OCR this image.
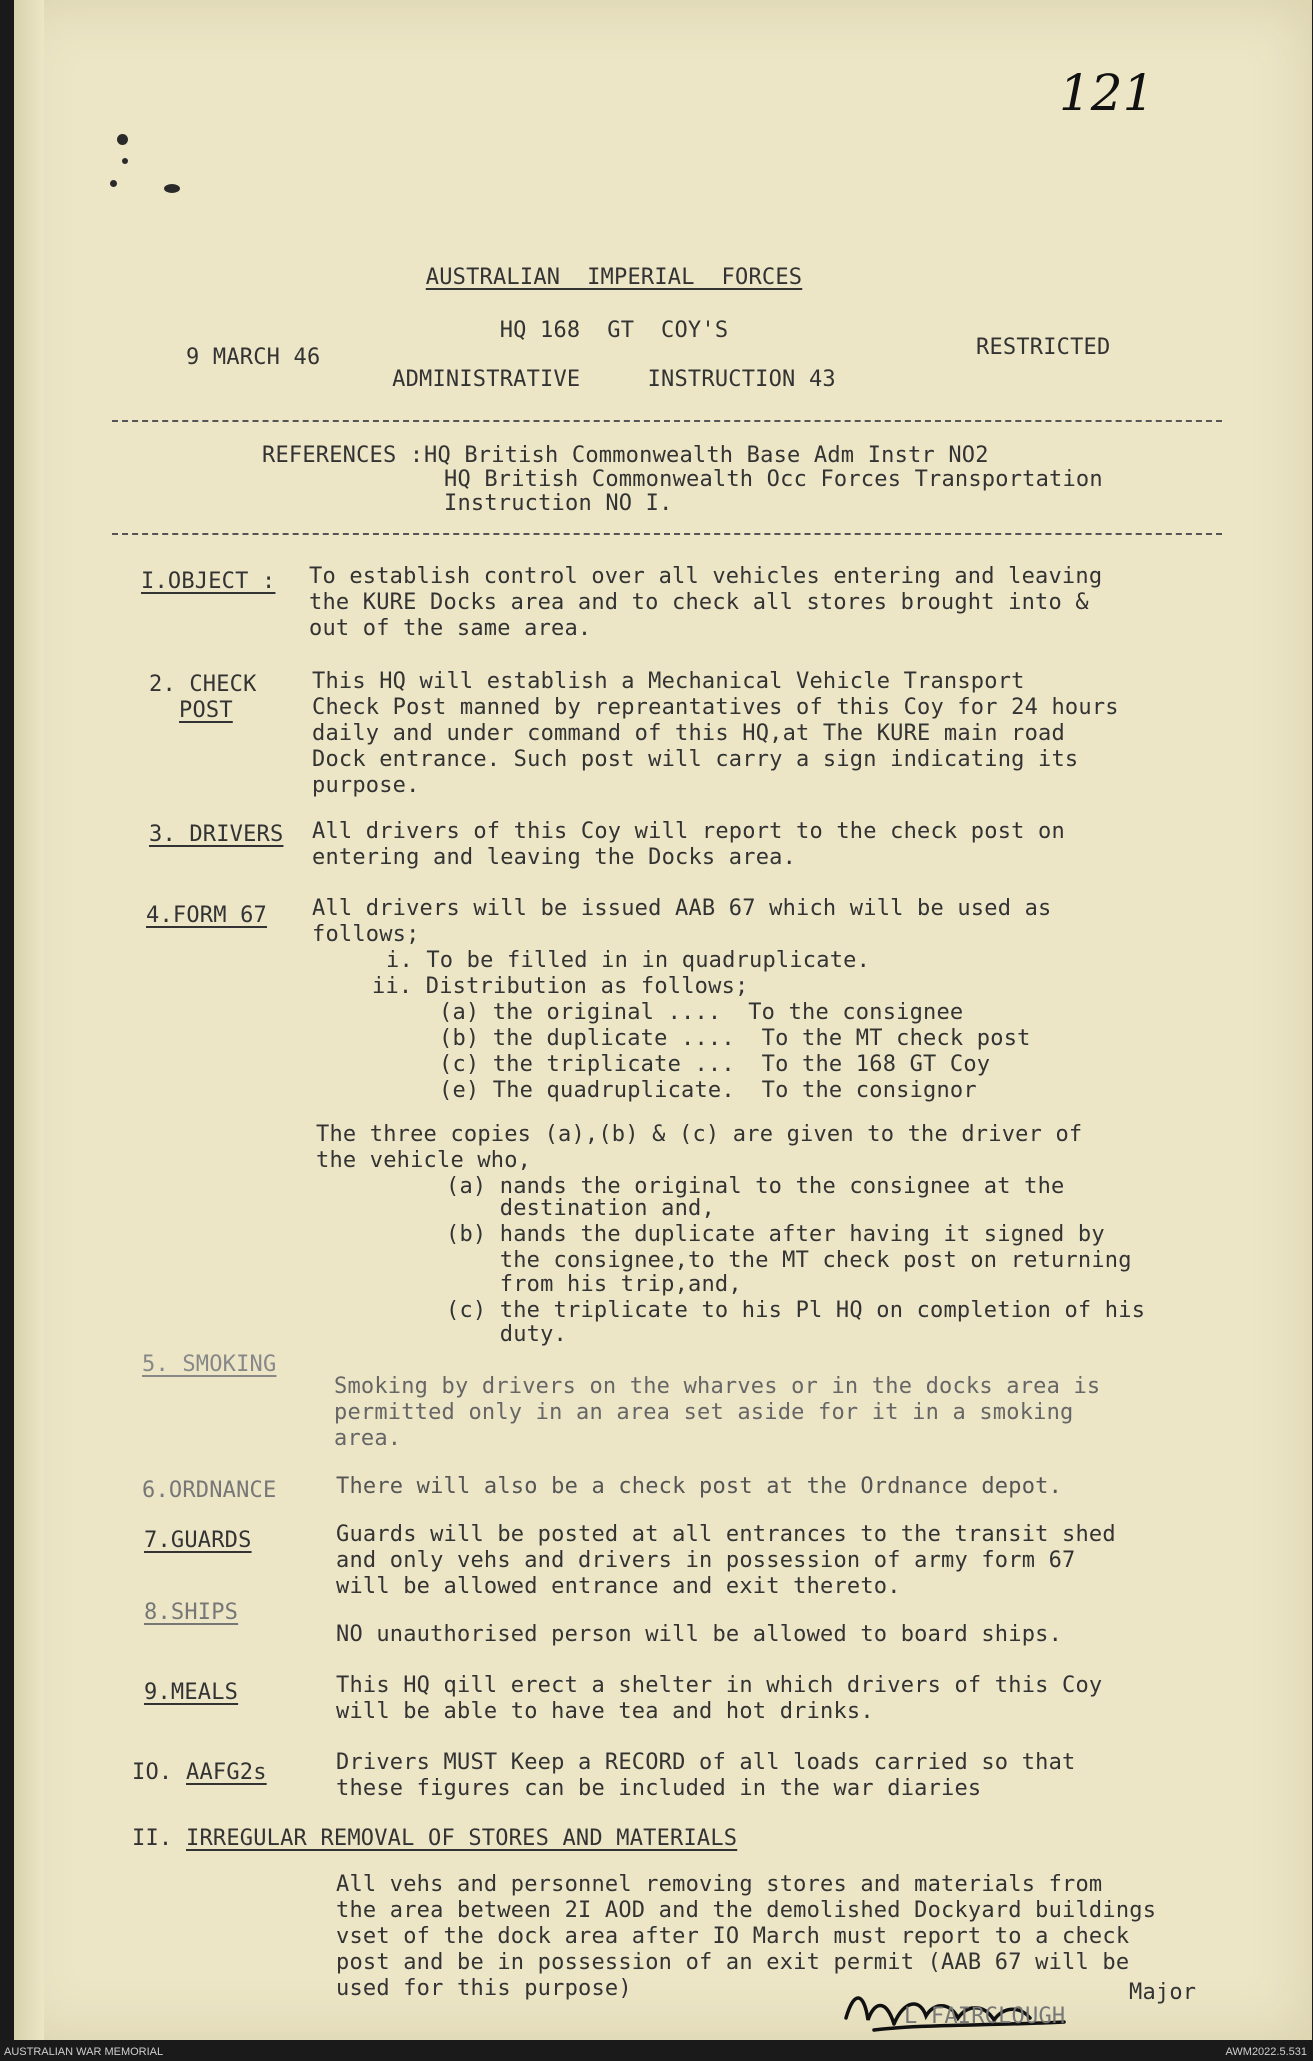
121
AUSTRALIAN  IMPERIAL  FORCES
HQ 168  GT  COY'S
9 MARCH 46	RESTRICTED
ADMINISTRATIVE     INSTRUCTION 43
REFERENCES : HQ British Commonwealth Base Adm Instr NO2
HQ British Commonwealth Occ Forces Transportation
Instruction NO I.
I.OBJECT : To establish control over all vehicles entering and leaving
the KURE Docks area and to check all stores brought into &
out of the same area.
2. CHECK
POST
This HQ will establish a Mechanical Vehicle Transport
Check Post manned by repreantatives of this Coy for 24 hours
daily and under command of this HQ,at The KURE main road
Dock entrance. Such post will carry a sign indicating its
purpose.
3. DRIVERS All drivers of this Coy will report to the check post on
entering and leaving the Docks area.
4.FORM 67 All drivers will be issued AAB 67 which will be used as
follows;
i. To be filled in in quadruplicate.
ii. Distribution as follows;
(a) the original ....  To the consignee
(b) the duplicate ....  To the MT check post
(c) the triplicate ...  To the 168 GT Coy
(e) The quadruplicate.  To the consignor
The three copies (a),(b) & (c) are given to the driver of
the vehicle who,
(a) nands the original to the consignee at the
destination and,
(b) hands the duplicate after having it signed by
the consignee,to the MT check post on returning
from his trip,and,
(c) the triplicate to his Pl HQ on completion of his
duty.
5. SMOKING
Smoking by drivers on the wharves or in the docks area is
permitted only in an area set aside for it in a smoking
area.
6.ORDNANCE	There will also be a check post at the Ordnance depot.
7.GUARDS	Guards will be posted at all entrances to the transit shed
and only vehs and drivers in possession of army form 67
will be allowed entrance and exit thereto.
8.SHIPS
NO unauthorised person will be allowed to board ships.
9.MEALS	This HQ qill erect a shelter in which drivers of this Coy
will be able to have tea and hot drinks.
IO. AAFG2s	Drivers MUST Keep a RECORD of all loads carried so that
these figures can be included in the war diaries
II. IRREGULAR REMOVAL OF STORES AND MATERIALS
All vehs and personnel removing stores and materials from
the area between 2I AOD and the demolished Dockyard buildings
vset of the dock area after IO March must report to a check
post and be in possession of an exit permit (AAB 67 will be
used for this purpose)
L FAIRCLOUGH
Major
AUSTRALIAN WAR MEMORIAL	AWM2022.5.531
